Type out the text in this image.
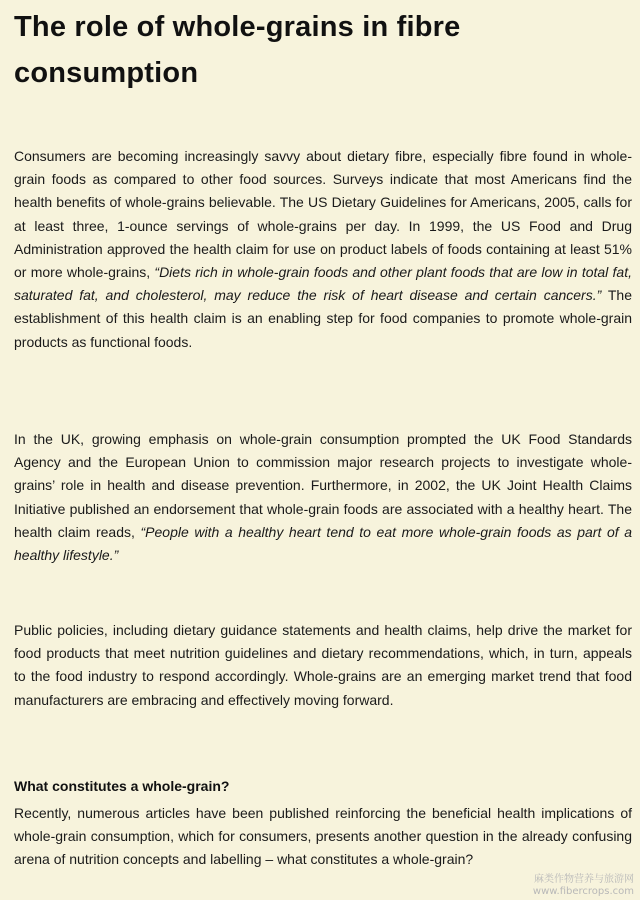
The role of whole-grains in fibre consumption

Consumers are becoming increasingly savvy about dietary fibre, especially fibre found in whole-grain foods as compared to other food sources. Surveys indicate that most Americans find the health benefits of whole-grains believable. The US Dietary Guidelines for Americans, 2005, calls for at least three, 1-ounce servings of whole-grains per day. In 1999, the US Food and Drug Administration approved the health claim for use on product labels of foods containing at least 51% or more whole-grains, “Diets rich in whole-grain foods and other plant foods that are low in total fat, saturated fat, and cholesterol, may reduce the risk of heart disease and certain cancers.” The establishment of this health claim is an enabling step for food companies to promote whole-grain products as functional foods.

In the UK, growing emphasis on whole-grain consumption prompted the UK Food Standards Agency and the European Union to commission major research projects to investigate whole-grains’ role in health and disease prevention. Furthermore, in 2002, the UK Joint Health Claims Initiative published an endorsement that whole-grain foods are associated with a healthy heart. The health claim reads, “People with a healthy heart tend to eat more whole-grain foods as part of a healthy lifestyle.”

Public policies, including dietary guidance statements and health claims, help drive the market for food products that meet nutrition guidelines and dietary recommendations, which, in turn, appeals to the food industry to respond accordingly. Whole-grains are an emerging market trend that food manufacturers are embracing and effectively moving forward.

What constitutes a whole-grain?

Recently, numerous articles have been published reinforcing the beneficial health implications of whole-grain consumption, which for consumers, presents another question in the already confusing arena of nutrition concepts and labelling – what constitutes a whole-grain?

麻类作物营养与旅游网
www.fibercrops.com
